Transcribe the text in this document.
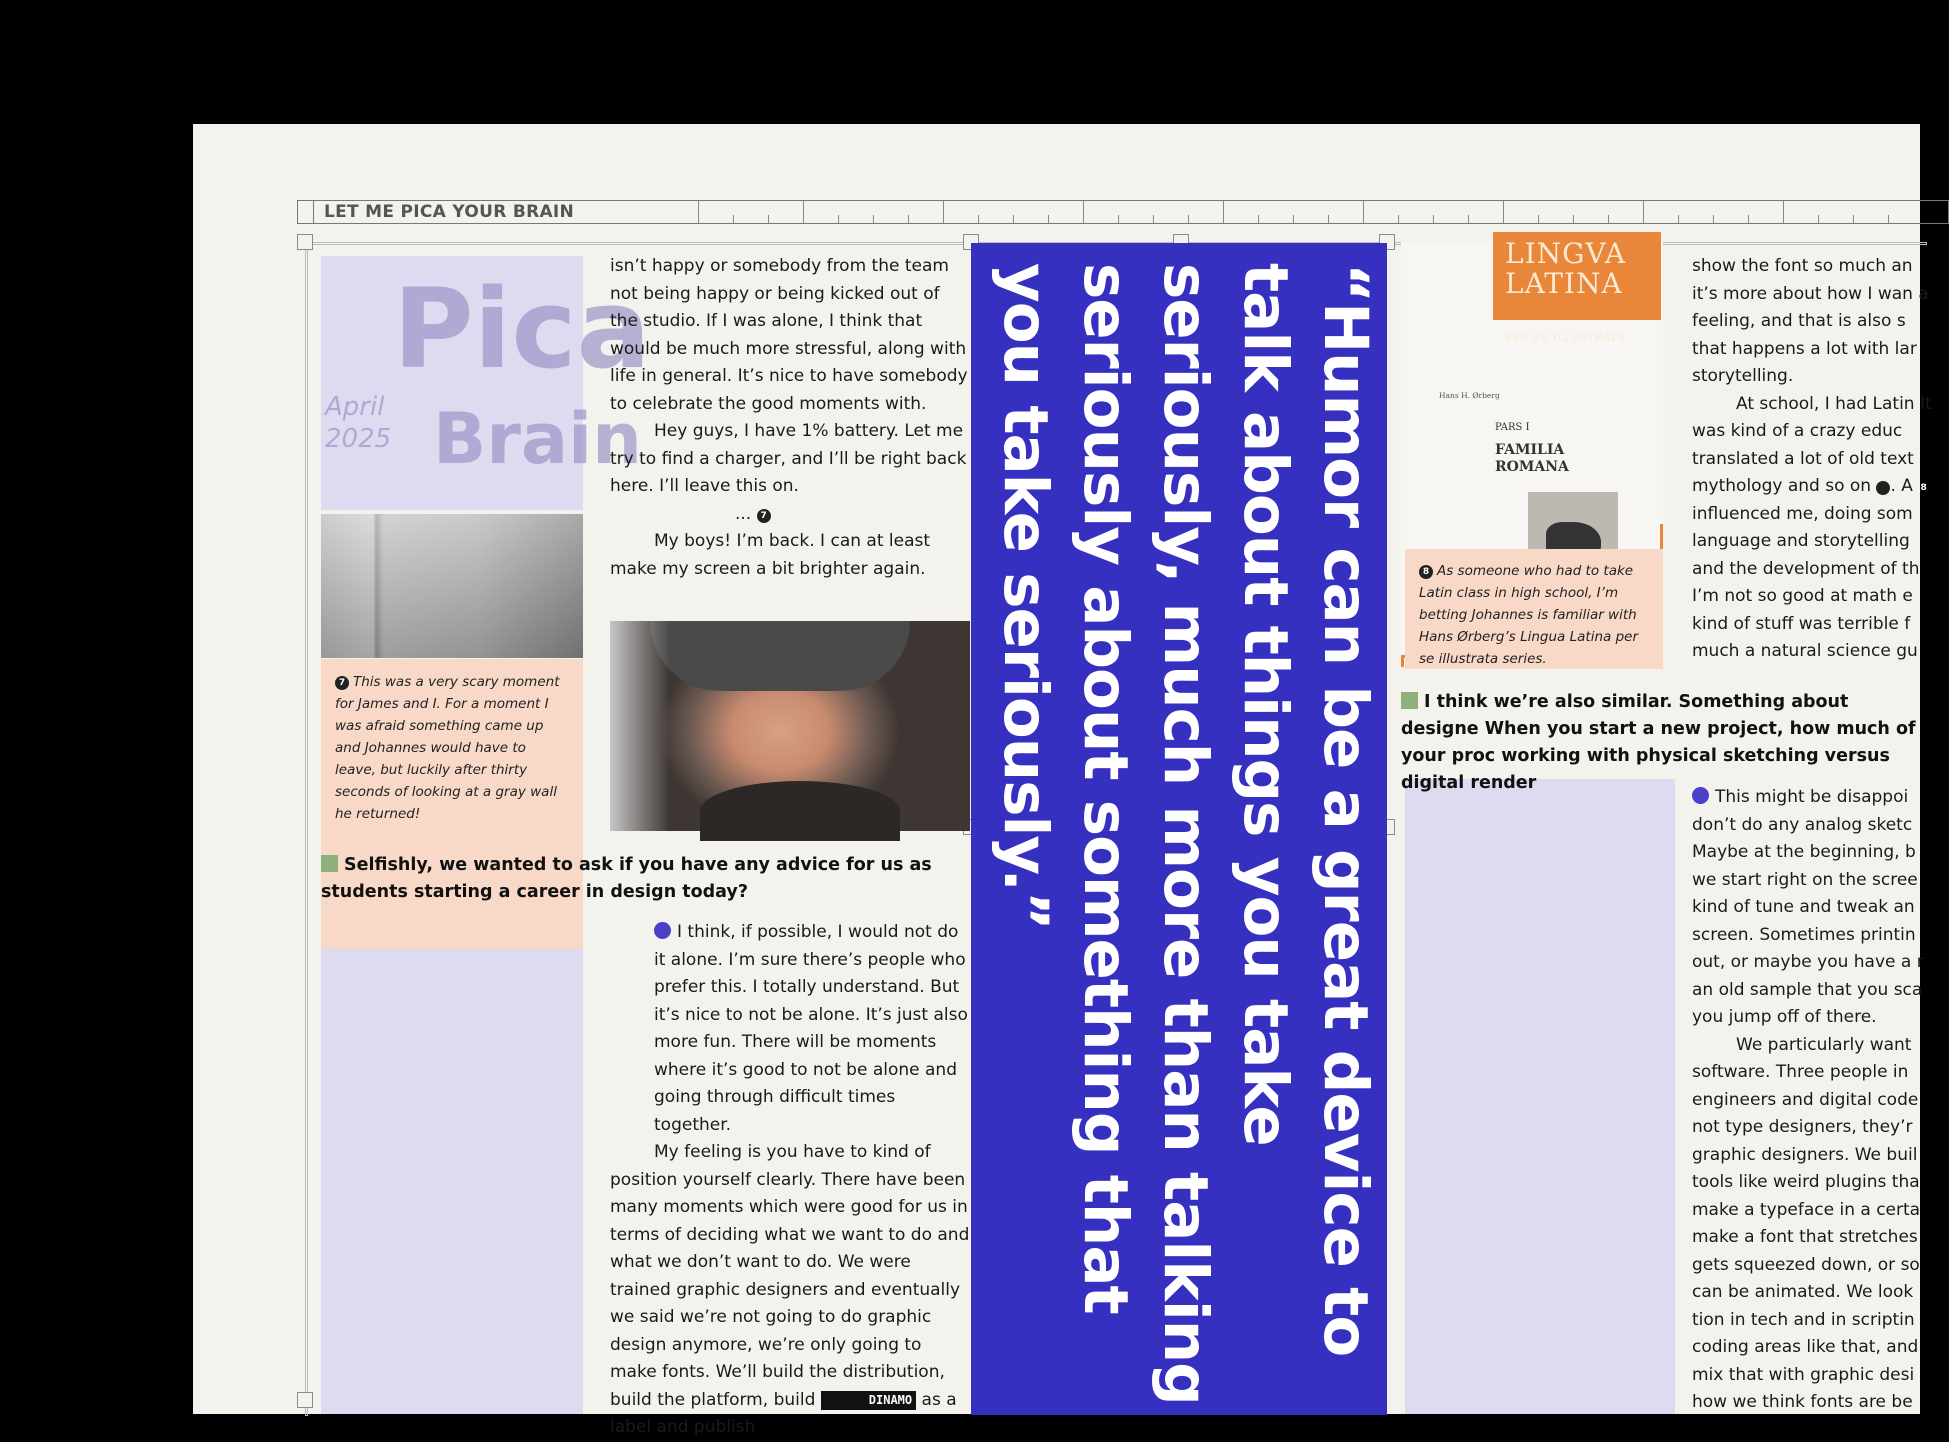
LET ME PICA YOUR BRAIN
Pica
Brain
April
2025
7 This was a very scary moment for James and I. For a moment I was afraid something came up and Johannes would have to leave, but luckily after thirty seconds of looking at a gray wall he returned!

isn’t happy or somebody from the team not being happy or being kicked out of the studio. If I was alone, I think that would be much more stressful, along with life in general. It’s nice to have somebody to celebrate the good moments with.

Hey guys, I have 1% battery. Let me try to find a charger, and I’ll be right back here. I’ll leave this on.

... 7

My boys! I’m back. I can at least make my screen a bit brighter again.

Selfishly, we wanted to ask if you have any advice for us as students starting a career in design today?

I think, if possible, I would not do it alone. I’m sure there’s people who prefer this. I totally understand. But it’s nice to not be alone. It’s just also more fun. There will be moments where it’s good to not be alone and going through difficult times together.

My feeling is you have to kind of position yourself clearly. There have been many moments which were good for us in terms of deciding what we want to do and what we don’t want to do. We were trained graphic designers and eventually we said we’re not going to do graphic design anymore, we’re only going to make fonts. We’ll build the distribution, build the platform, build	DINAMO as a label and publish

“Humor can be a great device to talk about things you take seriously, much more than talking seriously about something that you take seriously.”	Hans H. Ørberg
LINGVA
LATINA
PER SE ILLVSTRATA
PARS I
FAMILIA
ROMANA
8 As someone who had to take Latin class in high school, I’m betting Johannes is familiar with Hans Ørberg’s Lingua Latina per se illustrata series.

show the font so much an it’s more about how I wan a feeling, and that is also s that happens a lot with lar storytelling.

At school, I had Latin It was kind of a crazy educ translated a lot of old text mythology and so on	8. A influenced me, doing som language and storytelling and the development of th I’m not so good at math e kind of stuff was terrible f much a natural science gu

I think we’re also similar. Something about designe When you start a new project, how much of your proc working with physical sketching versus digital render

This might be disappoi don’t do any analog sketc Maybe at the beginning, b we start right on the scree kind of tune and tweak an screen. Sometimes printin out, or maybe you have a r an old sample that you sca you jump off of there.

We particularly want software. Three people in engineers and digital code not type designers, they’r graphic designers. We buil tools like weird plugins tha make a typeface in a certa make a font that stretches gets squeezed down, or so can be animated. We look tion in tech and in scriptin coding areas like that, and mix that with graphic desi how we think fonts are be
